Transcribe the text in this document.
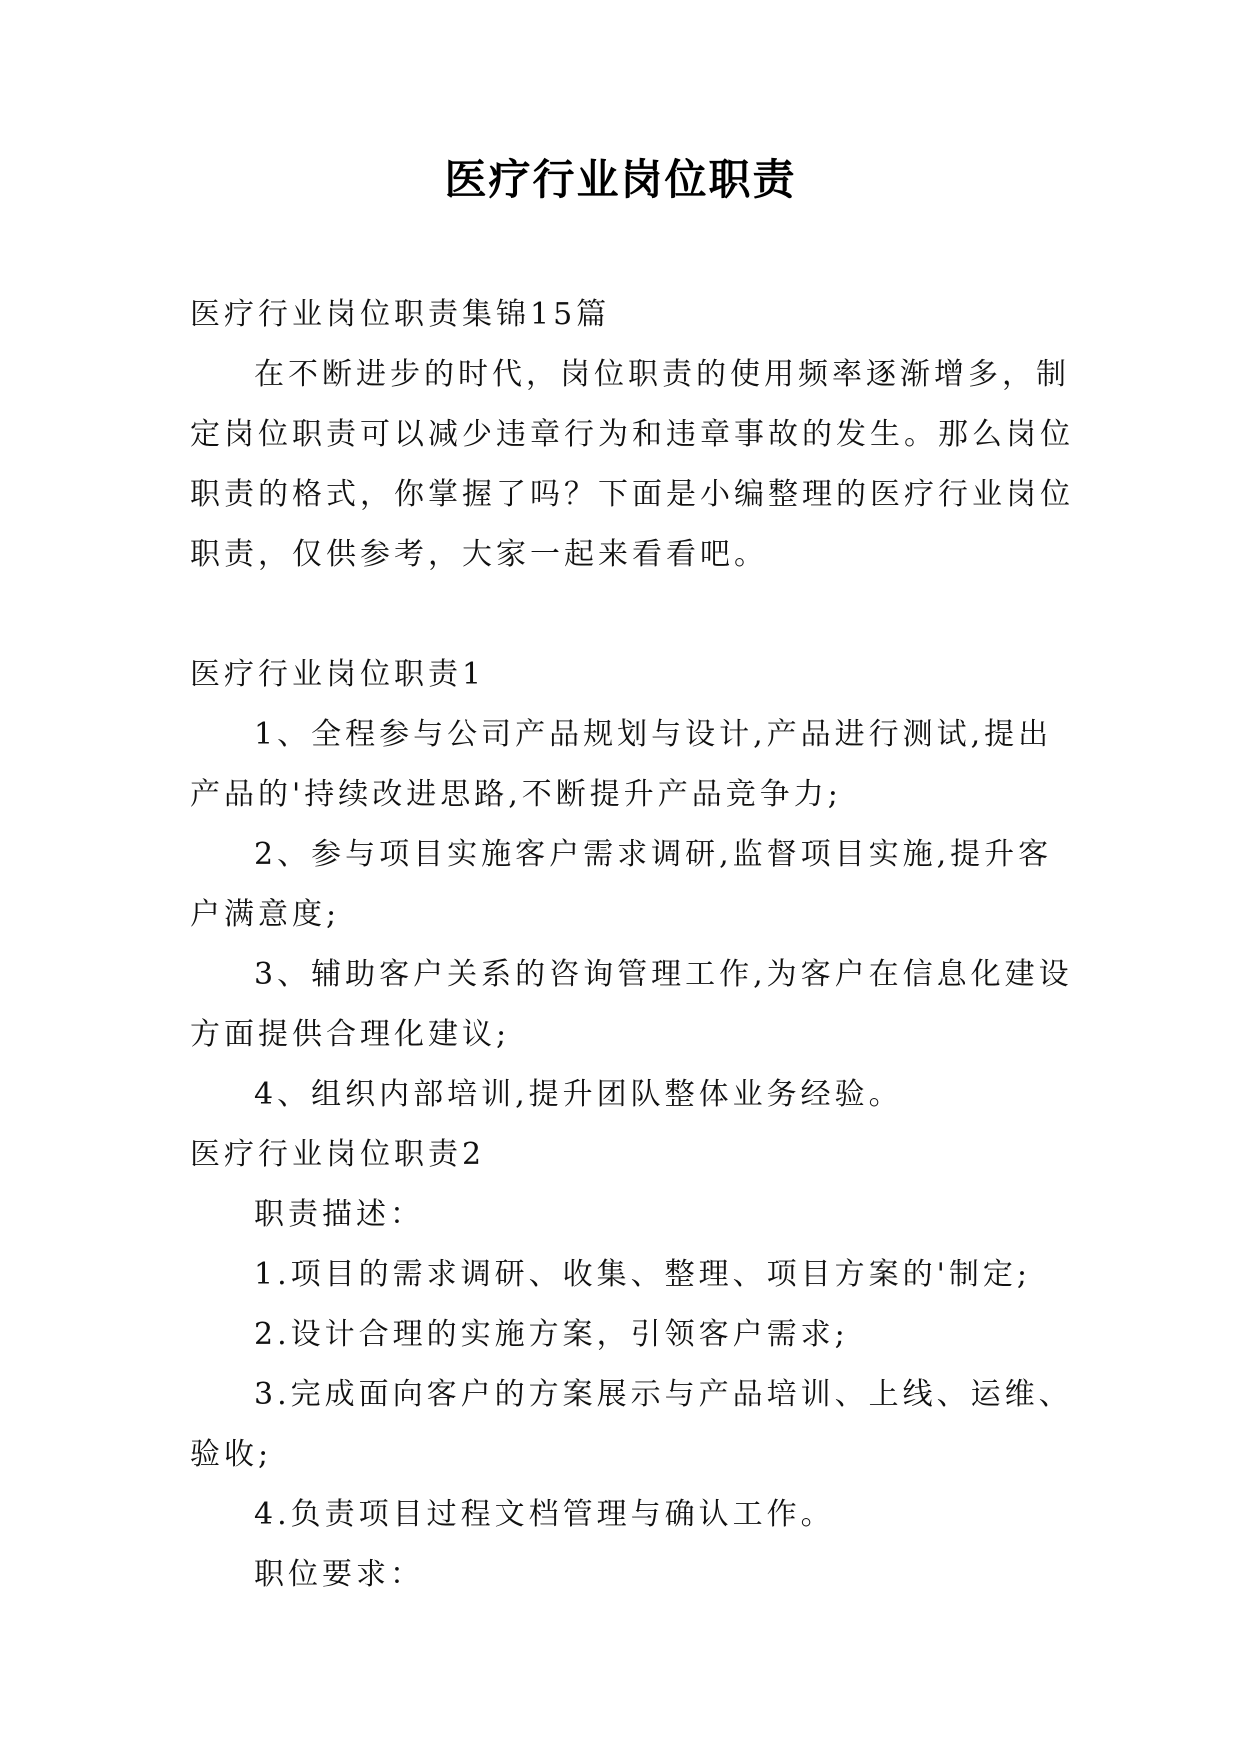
医疗行业岗位职责
医疗行业岗位职责集锦15篇
在不断进步的时代，岗位职责的使用频率逐渐增多，制
定岗位职责可以减少违章行为和违章事故的发生。那么岗位
职责的格式，你掌握了吗？下面是小编整理的医疗行业岗位
职责，仅供参考，大家一起来看看吧。
医疗行业岗位职责1
1、全程参与公司产品规划与设计,产品进行测试,提出
产品的'持续改进思路,不断提升产品竞争力;
2、参与项目实施客户需求调研,监督项目实施,提升客
户满意度;
3、辅助客户关系的咨询管理工作,为客户在信息化建设
方面提供合理化建议;
4、组织内部培训,提升团队整体业务经验。
医疗行业岗位职责2
职责描述：
1.项目的需求调研、收集、整理、项目方案的'制定;
2.设计合理的实施方案，引领客户需求;
3.完成面向客户的方案展示与产品培训、上线、运维、
验收;
4.负责项目过程文档管理与确认工作。
职位要求：
